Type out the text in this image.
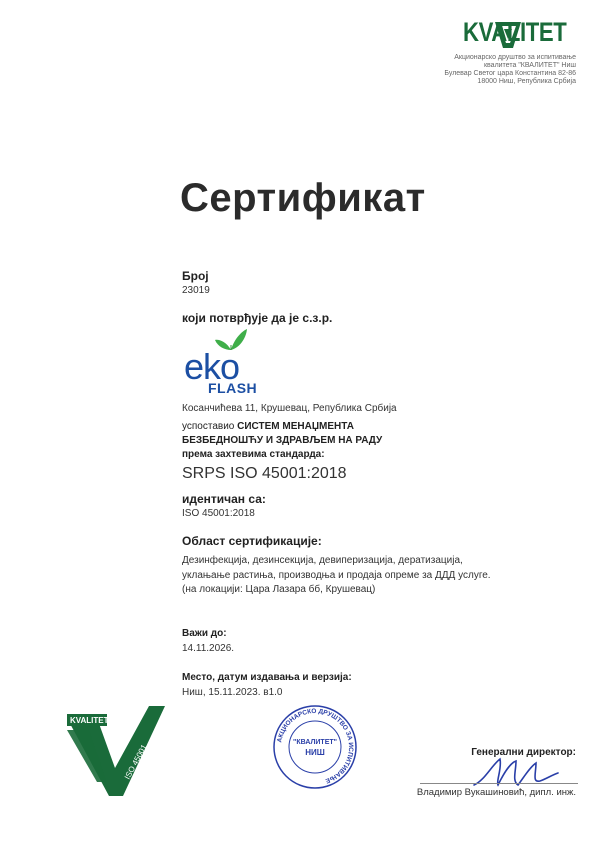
KVALITET
Акционарско друштво за испитивање
квалитета "КВАЛИТЕТ" Ниш
Булевар Светог цара Константина 82-86
18000 Ниш, Република Србија
Сертификат
Број
23019
који потврђује да је с.з.р.
eko
FLASH
Косанчићева 11, Крушевац, Република Србија
успоставио СИСТЕМ МЕНАЏМЕНТА
БЕЗБЕДНОШЋУ И ЗДРАВЉЕМ НА РАДУ
према захтевима стандарда:
SRPS ISO 45001:2018
идентичан са:
ISO 45001:2018
Област сертификације:
Дезинфекција, дезинсекција, девиперизација, дератизација,
уклањање растиња, производња и продаја опреме за ДДД услуге.
(на локацији: Цара Лазара бб, Крушевац)
Важи до:
14.11.2026.
Место, датум издавања и верзија:
Ниш, 15.11.2023. в1.0
KVALITET
ISO 45001
АКЦИОНАРСКО ДРУШТВО ЗА ИСПИТИВАЊЕ
"КВАЛИТЕТ"
НИШ	Генерални директор:
Владимир Вукашиновић, дипл. инж.
